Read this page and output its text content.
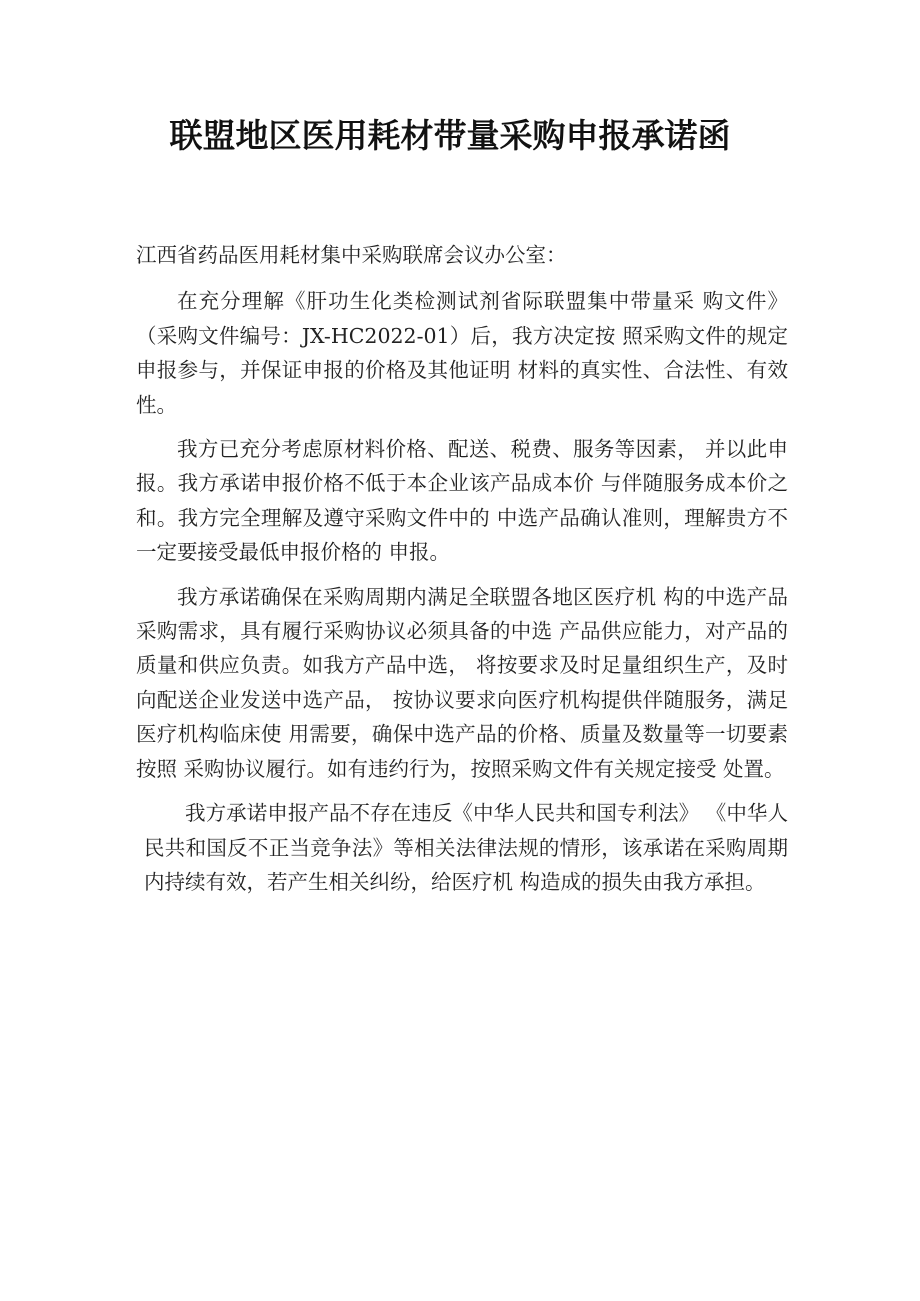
联盟地区医用耗材带量采购申报承诺函

江西省药品医用耗材集中采购联席会议办公室：

在充分理解《肝功生化类检测试剂省际联盟集中带量采 购文件》（采购文件编号：JX-HC2022-01）后，我方决定按 照采购文件的规定申报参与，并保证申报的价格及其他证明 材料的真实性、合法性、有效性。

我方已充分考虑原材料价格、配送、税费、服务等因素， 并以此申报。我方承诺申报价格不低于本企业该产品成本价 与伴随服务成本价之和。我方完全理解及遵守采购文件中的 中选产品确认准则，理解贵方不一定要接受最低申报价格的 申报。

我方承诺确保在采购周期内满足全联盟各地区医疗机 构的中选产品采购需求，具有履行采购协议必须具备的中选 产品供应能力，对产品的质量和供应负责。如我方产品中选， 将按要求及时足量组织生产，及时向配送企业发送中选产品， 按协议要求向医疗机构提供伴随服务，满足医疗机构临床使 用需要，确保中选产品的价格、质量及数量等一切要素按照 采购协议履行。如有违约行为，按照采购文件有关规定接受 处置。

我方承诺申报产品不存在违反《中华人民共和国专利法》 《中华人民共和国反不正当竞争法》等相关法律法规的情形，该承诺在采购周期内持续有效，若产生相关纠纷，给医疗机 构造成的损失由我方承担。
